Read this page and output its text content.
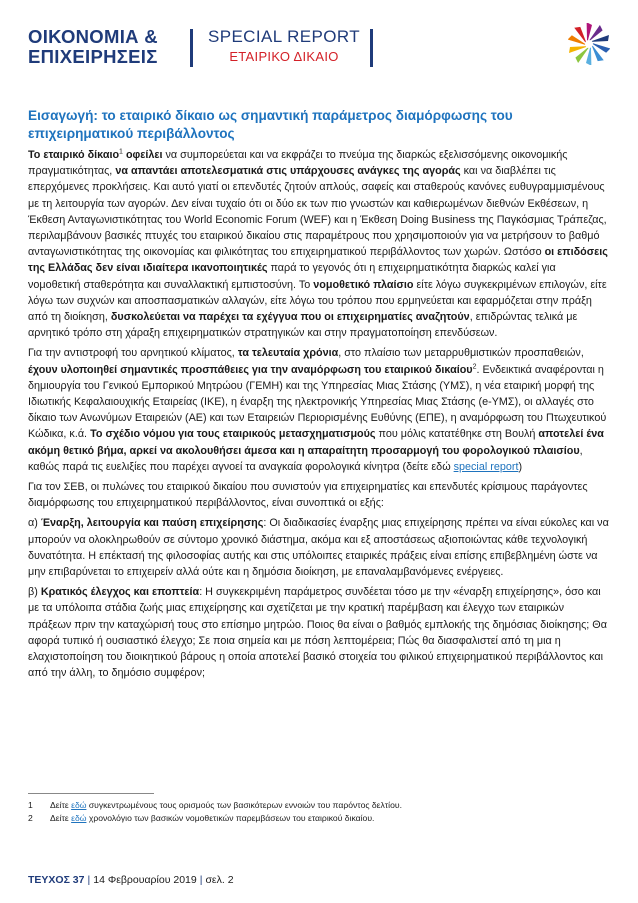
ΟΙΚΟΝΟΜΙΑ &
ΕΠΙΧΕΙΡΗΣΕΙΣ
SPECIAL REPORT
ΕΤΑΙΡΙΚΟ ΔΙΚΑΙΟ
Εισαγωγή: το εταιρικό δίκαιο ως σημαντική παράμετρος διαμόρφωσης του επιχειρηματικού περιβάλλοντος

Το εταιρικό δίκαιο$^1$ οφείλει να συμπορεύεται και να εκφράζει το πνεύμα της διαρκώς εξελισσόμενης οικονομικής πραγματικότητας, να απαντάει αποτελεσματικά στις υπάρχουσες ανάγκες της αγοράς και να διαβλέπει τις επερχόμενες προκλήσεις. Και αυτό γιατί οι επενδυτές ζητούν απλούς, σαφείς και σταθερούς κανόνες ευθυγραμμισμένους με τη λειτουργία των αγορών. Δεν είναι τυχαίο ότι οι δύο εκ των πιο γνωστών και καθιερωμένων διεθνών Εκθέσεων, η Έκθεση Ανταγωνιστικότητας του World Economic Forum (WEF) και η Έκθεση Doing Business της Παγκόσμιας Τράπεζας, περιλαμβάνουν βασικές πτυχές του εταιρικού δικαίου στις παραμέτρους που χρησιμοποιούν για να μετρήσουν το βαθμό ανταγωνιστικότητας της οικονομίας και φιλικότητας του επιχειρηματικού περιβάλλοντος των χωρών. Ωστόσο οι επιδόσεις της Ελλάδας δεν είναι ιδιαίτερα ικανοποιητικές παρά το γεγονός ότι η επιχειρηματικότητα διαρκώς καλεί για νομοθετική σταθερότητα και συναλλακτική εμπιστοσύνη. Το νομοθετικό πλαίσιο είτε λόγω συγκεκριμένων επιλογών, είτε λόγω των συχνών και αποσπασματικών αλλαγών, είτε λόγω του τρόπου που ερμηνεύεται και εφαρμόζεται στην πράξη από τη διοίκηση, δυσκολεύεται να παρέχει τα εχέγγυα που οι επιχειρηματίες αναζητούν, επιδρώντας τελικά με αρνητικό τρόπο στη χάραξη επιχειρηματικών στρατηγικών και στην πραγματοποίηση επενδύσεων.

Για την αντιστροφή του αρνητικού κλίματος, τα τελευταία χρόνια, στο πλαίσιο των μεταρρυθμιστικών προσπαθειών, έχουν υλοποιηθεί σημαντικές προσπάθειες για την αναμόρφωση του εταιρικού δικαίου$^2$. Ενδεικτικά αναφέρονται η δημιουργία του Γενικού Εμπορικού Μητρώου (ΓΕΜΗ) και της Υπηρεσίας Μιας Στάσης (ΥΜΣ), η νέα εταιρική μορφή της Ιδιωτικής Κεφαλαιουχικής Εταιρείας (ΙΚΕ), η έναρξη της ηλεκτρονικής Υπηρεσίας Μιας Στάσης (e-ΥΜΣ), οι αλλαγές στο δίκαιο των Ανωνύμων Εταιρειών (ΑΕ) και των Εταιρειών Περιορισμένης Ευθύνης (ΕΠΕ), η αναμόρφωση του Πτωχευτικού Κώδικα, κ.ά. Το σχέδιο νόμου για τους εταιρικούς μετασχηματισμούς που μόλις κατατέθηκε στη Βουλή αποτελεί ένα ακόμη θετικό βήμα, αρκεί να ακολουθήσει άμεσα και η απαραίτητη προσαρμογή του φορολογικού πλαισίου, καθώς παρά τις ευελιξίες που παρέχει αγνοεί τα αναγκαία φορολογικά κίνητρα (δείτε εδώ special report)

Για τον ΣΕΒ, οι πυλώνες του εταιρικού δικαίου που συνιστούν για επιχειρηματίες και επενδυτές κρίσιμους παράγοντες διαμόρφωσης του επιχειρηματικού περιβάλλοντος, είναι συνοπτικά οι εξής:

α) Έναρξη, λειτουργία και παύση επιχείρησης: Οι διαδικασίες έναρξης μιας επιχείρησης πρέπει να είναι εύκολες και να μπορούν να ολοκληρωθούν σε σύντομο χρονικό διάστημα, ακόμα και εξ αποστάσεως αξιοποιώντας κάθε τεχνολογική δυνατότητα. Η επέκτασή της φιλοσοφίας αυτής και στις υπόλοιπες εταιρικές πράξεις είναι επίσης επιβεβλημένη ώστε να μην επιβαρύνεται το επιχειρείν αλλά ούτε και η δημόσια διοίκηση, με επαναλαμβανόμενες ενέργειες.

β) Κρατικός έλεγχος και εποπτεία: Η συγκεκριμένη παράμετρος συνδέεται τόσο με την «έναρξη επιχείρησης», όσο και με τα υπόλοιπα στάδια ζωής μιας επιχείρησης και σχετίζεται με την κρατική παρέμβαση και έλεγχο των εταιρικών πράξεων πριν την καταχώρισή τους στο επίσημο μητρώο. Ποιος θα είναι ο βαθμός εμπλοκής της δημόσιας διοίκησης; Θα αφορά τυπικό ή ουσιαστικό έλεγχο; Σε ποια σημεία και με πόση λεπτομέρεια; Πώς θα διασφαλιστεί από τη μια η ελαχιστοποίηση του διοικητικού βάρους η οποία αποτελεί βασικό στοιχεία του φιλικού επιχειρηματικού περιβάλλοντος και από την άλλη, το δημόσιο συμφέρον;

1 Δείτε εδώ συγκεντρωμένους τους ορισμούς των βασικότερων εννοιών του παρόντος δελτίου.
2 Δείτε εδώ χρονολόγιο των βασικών νομοθετικών παρεμβάσεων του εταιρικού δικαίου.
ΤΕΥΧΟΣ 37 | 14 Φεβρουαρίου 2019 | σελ. 2
